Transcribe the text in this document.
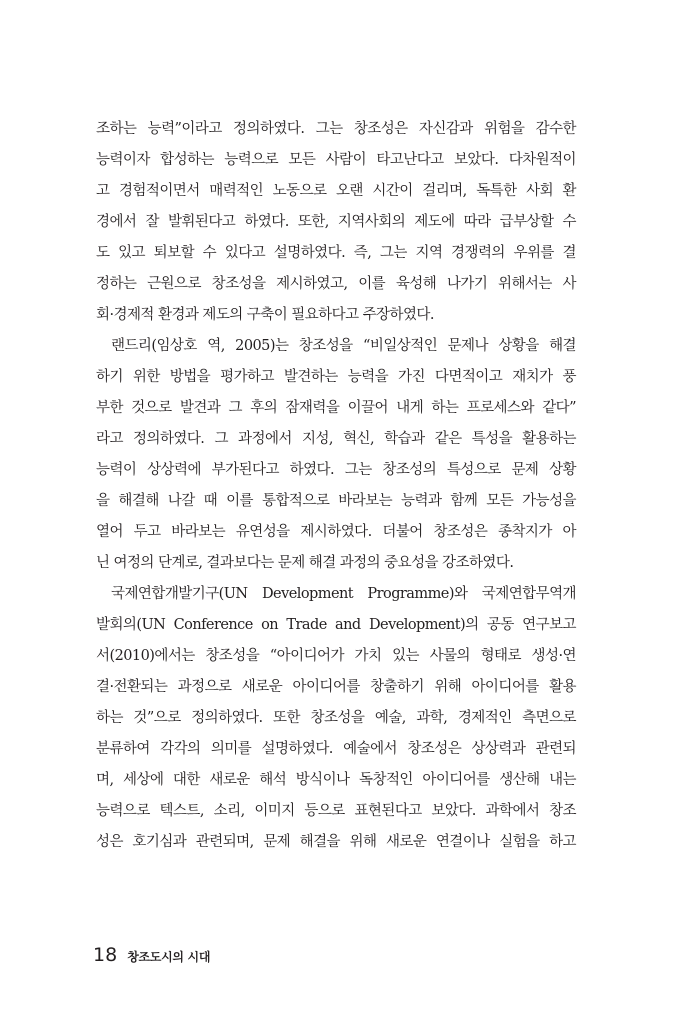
조하는 능력”이라고 정의하였다. 그는 창조성은 자신감과 위험을 감수한
능력이자 합성하는 능력으로 모든 사람이 타고난다고 보았다. 다차원적이
고 경험적이면서 매력적인 노동으로 오랜 시간이 걸리며, 독특한 사회 환
경에서 잘 발휘된다고 하였다. 또한, 지역사회의 제도에 따라 급부상할 수
도 있고 퇴보할 수 있다고 설명하였다. 즉, 그는 지역 경쟁력의 우위를 결
정하는 근원으로 창조성을 제시하였고, 이를 육성해 나가기 위해서는 사
회·경제적 환경과 제도의 구축이 필요하다고 주장하였다.
랜드리(임상호 역, 2005)는 창조성을 “비일상적인 문제나 상황을 해결
하기 위한 방법을 평가하고 발견하는 능력을 가진 다면적이고 재치가 풍
부한 것으로 발견과 그 후의 잠재력을 이끌어 내게 하는 프로세스와 같다”
라고 정의하였다. 그 과정에서 지성, 혁신, 학습과 같은 특성을 활용하는
능력이 상상력에 부가된다고 하였다. 그는 창조성의 특성으로 문제 상황
을 해결해 나갈 때 이를 통합적으로 바라보는 능력과 함께 모든 가능성을
열어 두고 바라보는 유연성을 제시하였다. 더불어 창조성은 종착지가 아
닌 여정의 단계로, 결과보다는 문제 해결 과정의 중요성을 강조하였다.
국제연합개발기구(UN Development Programme)와 국제연합무역개
발회의(UN Conference on Trade and Development)의 공동 연구보고
서(2010)에서는 창조성을 “아이디어가 가치 있는 사물의 형태로 생성·연
결·전환되는 과정으로 새로운 아이디어를 창출하기 위해 아이디어를 활용
하는 것”으로 정의하였다. 또한 창조성을 예술, 과학, 경제적인 측면으로
분류하여 각각의 의미를 설명하였다. 예술에서 창조성은 상상력과 관련되
며, 세상에 대한 새로운 해석 방식이나 독창적인 아이디어를 생산해 내는
능력으로 텍스트, 소리, 이미지 등으로 표현된다고 보았다. 과학에서 창조
성은 호기심과 관련되며, 문제 해결을 위해 새로운 연결이나 실험을 하고
18 창조도시의 시대
